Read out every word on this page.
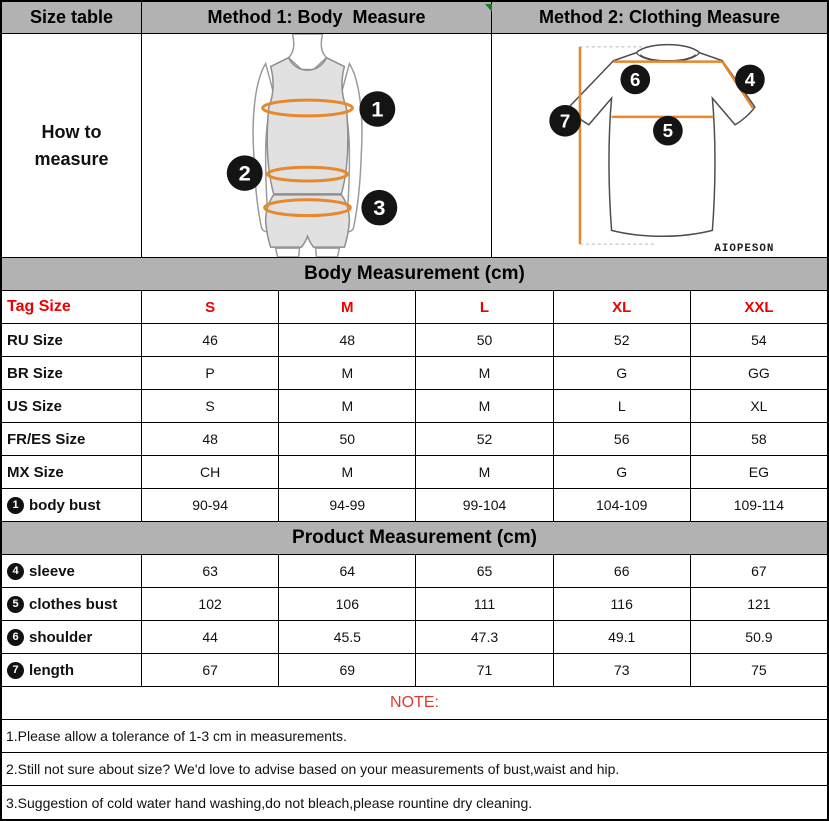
Size table	Method 1: Body  Measure	Method 2: Clothing Measure
How to measure
1
2
3
6	4
7	5
AIOPESON
Body Measurement (cm)
Tag Size	S	M	L	XL	XXL
RU Size	46	48	50	52	54
BR Size	P	M	M	G	GG
US Size	S	M	M	L	XL
FR/ES Size	48	50	52	56	58
MX Size	CH	M	M	G	EG
1 body bust	90-94	94-99	99-104	104-109	109-114
Product Measurement (cm)
4 sleeve	63	64	65	66	67
5 clothes bust	102	106	111	116	121
6 shoulder	44	45.5	47.3	49.1	50.9
7 length	67	69	71	73	75
NOTE:
1.Please allow a tolerance of 1-3 cm in measurements.
2.Still not sure about size? We'd love to advise based on your measurements of bust,waist and hip.
3.Suggestion of cold water hand washing,do not bleach,please rountine dry cleaning.
